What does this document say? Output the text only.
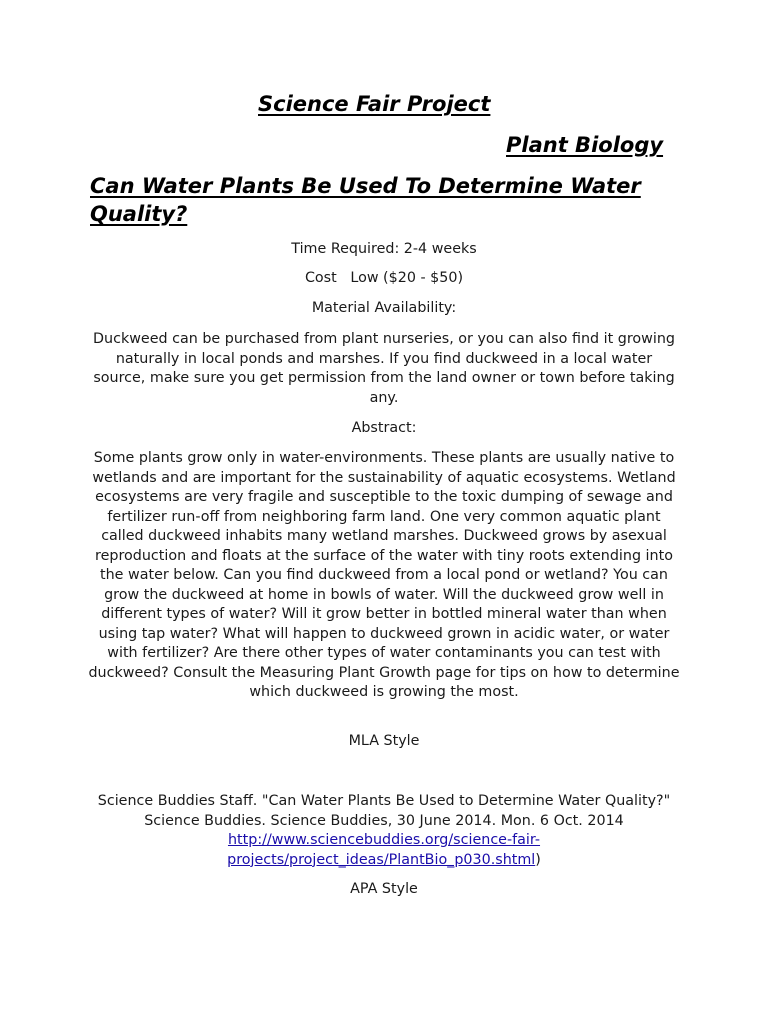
Science Fair Project
Plant Biology
Can Water Plants Be Used To Determine Water Quality?
Time Required: 2-4 weeks
Cost   Low ($20 - $50)
Material Availability:
Duckweed can be purchased from plant nurseries, or you can also find it growing naturally in local ponds and marshes. If you find duckweed in a local water source, make sure you get permission from the land owner or town before taking any.
Abstract:
Some plants grow only in water-environments. These plants are usually native to wetlands and are important for the sustainability of aquatic ecosystems. Wetland ecosystems are very fragile and susceptible to the toxic dumping of sewage and fertilizer run-off from neighboring farm land. One very common aquatic plant called duckweed inhabits many wetland marshes. Duckweed grows by asexual reproduction and floats at the surface of the water with tiny roots extending into the water below. Can you find duckweed from a local pond or wetland? You can grow the duckweed at home in bowls of water. Will the duckweed grow well in different types of water? Will it grow better in bottled mineral water than when using tap water? What will happen to duckweed grown in acidic water, or water with fertilizer? Are there other types of water contaminants you can test with duckweed? Consult the Measuring Plant Growth page for tips on how to determine which duckweed is growing the most.
MLA Style
Science Buddies Staff. "Can Water Plants Be Used to Determine Water Quality?" Science Buddies. Science Buddies, 30 June 2014. Mon. 6 Oct. 2014 http://www.sciencebuddies.org/science-fair-projects/project_ideas/PlantBio_p030.shtml)
APA Style
